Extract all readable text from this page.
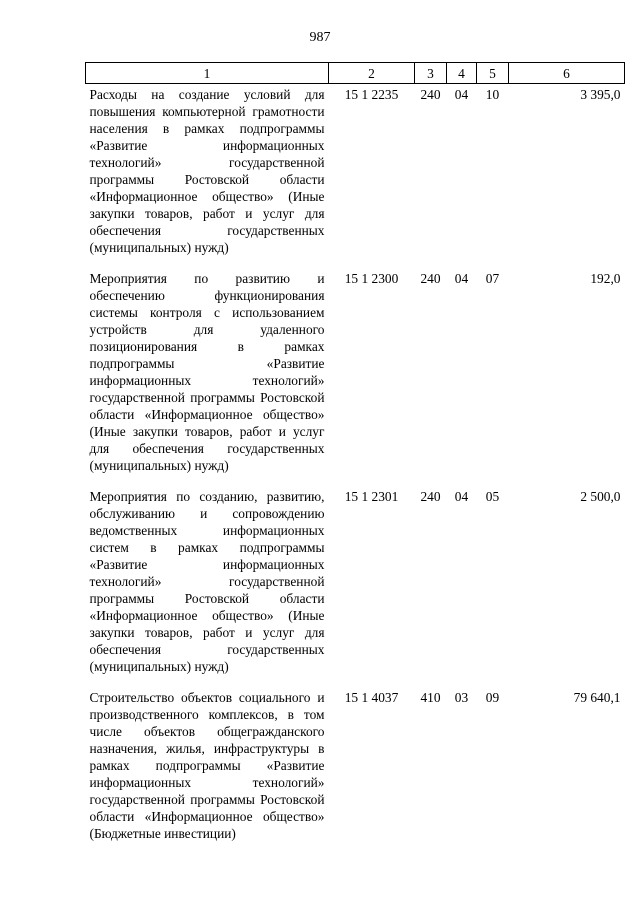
987
1	2	3	4	5	6
Расходы на создание условий для повышения компьютерной грамотности населения в рамках подпрограммы «Развитие информационных технологий» государственной программы Ростовской области «Информационное общество» (Иные закупки товаров, работ и услуг для обеспечения государственных (муниципальных) нужд)	15 1 2235	240	04	10	3 395,0
Мероприятия по развитию и обеспечению функционирования системы контроля с использованием устройств для удаленного позиционирования в рамках подпрограммы «Развитие информационных технологий» государственной программы Ростовской области «Информационное общество» (Иные закупки товаров, работ и услуг для обеспечения государственных (муниципальных) нужд)	15 1 2300	240	04	07	192,0
Мероприятия по созданию, развитию, обслуживанию и сопровождению ведомственных информационных систем в рамках подпрограммы «Развитие информационных технологий» государственной программы Ростовской области «Информационное общество» (Иные закупки товаров, работ и услуг для обеспечения государственных (муниципальных) нужд)	15 1 2301	240	04	05	2 500,0
Строительство объектов социального и производственного комплексов, в том числе объектов общегражданского назначения, жилья, инфраструктуры в рамках подпрограммы «Развитие информационных технологий» государственной программы Ростовской области «Информационное общество» (Бюджетные инвестиции)	15 1 4037	410	03	09	79 640,1
